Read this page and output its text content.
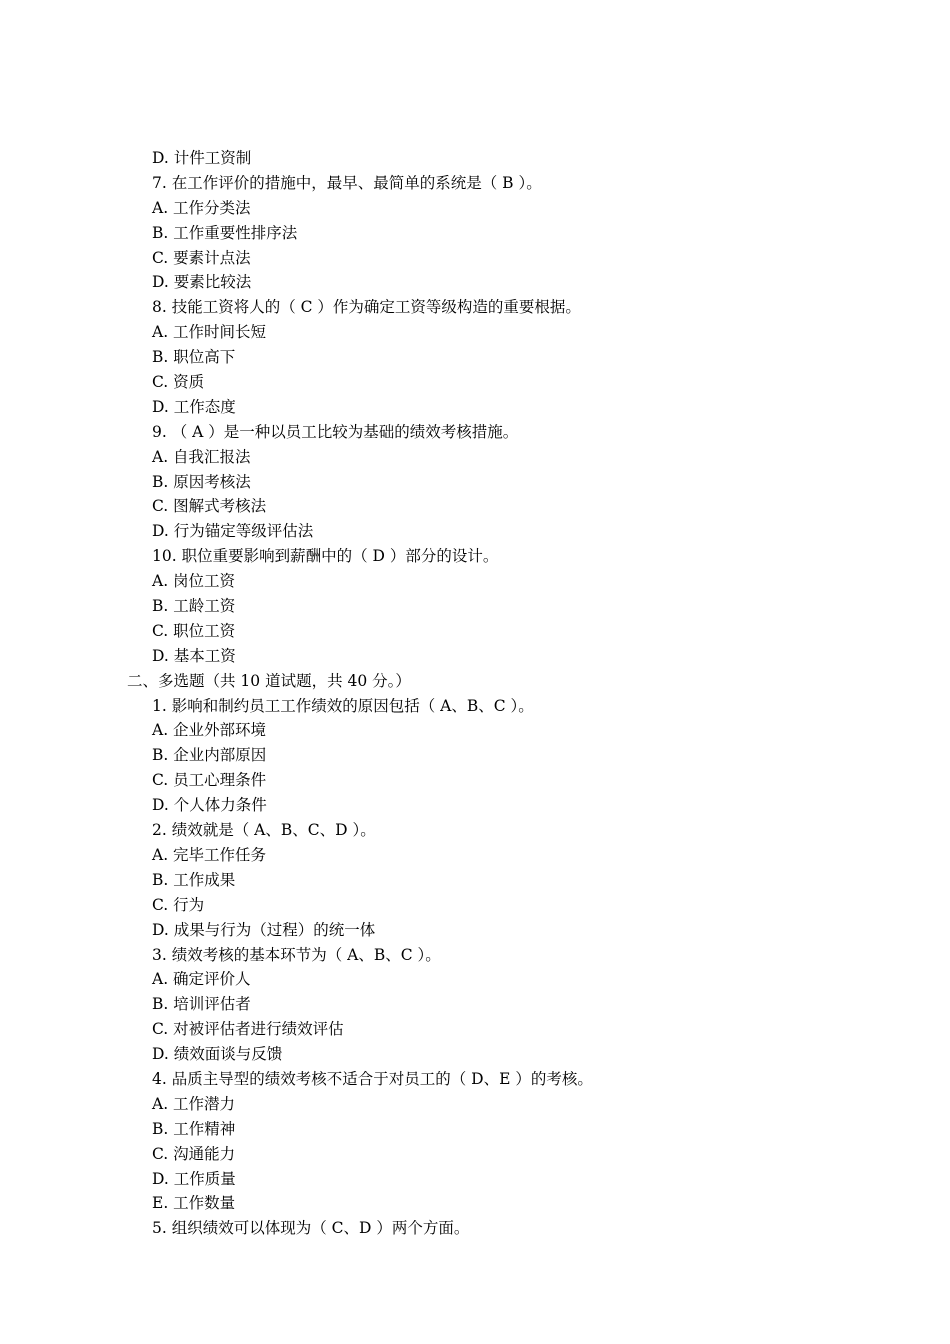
D. 计件工资制
7. 在工作评价的措施中，最早、最简单的系统是（ B ）。
A. 工作分类法
B. 工作重要性排序法
C. 要素计点法
D. 要素比较法
8. 技能工资将人的（ C ）作为确定工资等级构造的重要根据。
A. 工作时间长短
B. 职位高下
C. 资质
D. 工作态度
9. （ A ）是一种以员工比较为基础的绩效考核措施。
A. 自我汇报法
B. 原因考核法
C. 图解式考核法
D. 行为锚定等级评估法
10. 职位重要影响到薪酬中的（ D ）部分的设计。
A. 岗位工资
B. 工龄工资
C. 职位工资
D. 基本工资
二、多选题（共 10 道试题，共 40 分。）
1. 影响和制约员工工作绩效的原因包括（ A、B、C ）。
A. 企业外部环境
B. 企业内部原因
C. 员工心理条件
D. 个人体力条件
2. 绩效就是（ A、B、C、D ）。
A. 完毕工作任务
B. 工作成果
C. 行为
D. 成果与行为（过程）的统一体
3. 绩效考核的基本环节为（ A、B、C ）。
A. 确定评价人
B. 培训评估者
C. 对被评估者进行绩效评估
D. 绩效面谈与反馈
4. 品质主导型的绩效考核不适合于对员工的（ D、E ）的考核。
A. 工作潜力
B. 工作精神
C. 沟通能力
D. 工作质量
E. 工作数量
5. 组织绩效可以体现为（ C、D ）两个方面。
